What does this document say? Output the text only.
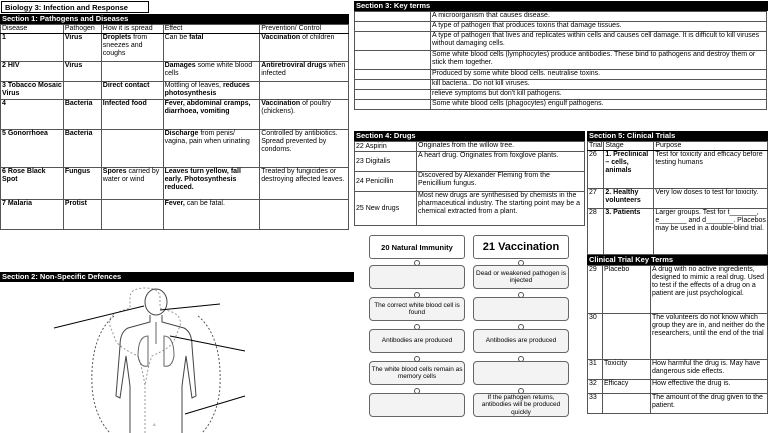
Biology 3: Infection and Response
Section 1: Pathogens and Diseases
Disease	Pathogen	How it is spread	Effect	Prevention/ Control
1	Virus	Droplets from sneezes and coughs	Can be fatal	Vaccination of children
2 HIV	Virus		Damages some white blood cells	Antiretroviral drugs when infected
3 Tobacco Mosaic Virus		Direct contact	Mottling of leaves, reduces photosynthesis	
4	Bacteria	Infected food	Fever, abdominal cramps, diarrhoea, vomiting	Vaccination of poultry (chickens).
5 Gonorrhoea	Bacteria		Discharge from penis/ vagina, pain when urinating	Controlled by antibiotics. Spread prevented by condoms.
6 Rose Black Spot	Fungus	Spores carried by water or wind	Leaves turn yellow, fall early. Photosynthesis reduced.	Treated by fungicides or destroying affected leaves.
7 Malaria	Protist		Fever, can be fatal.	
Section 2: Non-Specific Defences
A
Section 3: Key terms
	A microorganism that causes disease.
	A type of pathogen that produces toxins that damage tissues.
	A type of pathogen that lives and replicates within cells and causes cell damage. It is difficult to kill viruses without damaging cells.
	Some white blood cells (lymphocytes) produce antibodies. These bind to pathogens and destroy them or stick them together.
	Produced by some white blood cells. neutralise toxins.
	kill bacteria.. Do not kill viruses.
	relieve symptoms but don't kill pathogens.
	Some white blood cells (phagocytes) engulf pathogens.
Section 4: Drugs
22 Aspirin	Originates from the willow tree.
23 Digitalis	A heart drug. Originates from foxglove plants.
24 Penicillin	Discovered by Alexander Fleming from the Penicillium fungus.
25 New drugs	Most new drugs are synthesised by chemists in the pharmaceutical industry. The starting point may be a chemical extracted from a plant.
20 Natural Immunity	21 Vaccination
The correct white blood cell is found
Antibodies are produced
The white blood cells remain as memory cells
Dead or weakened pathogen is injected
Antibodies are produced
If the pathogen returns, antibodies will be produced quickly
Section 5: Clinical Trials
Trial	Stage	Purpose
26	1. Preclinical – cells, animals	Test for toxicity and efficacy before testing humans
27	2. Healthy volunteers	Very low doses to test for toxicity.
28	3. Patients	Larger groups. Test for t_______, e_______ and d_______. Placebos may be used in a double-blind trial.
Clinical Trial Key Terms
29	Placebo	A drug with no active ingredients, designed to mimic a real drug. Used to test if the effects of a drug on a patient are just psychological.
30		The volunteers do not know which group they are in, and neither do the researchers, until the end of the trial
31	Toxicity	How harmful the drug is. May have dangerous side effects.
32	Efficacy	How effective the drug is.
33		The amount of the drug given to the patient.
